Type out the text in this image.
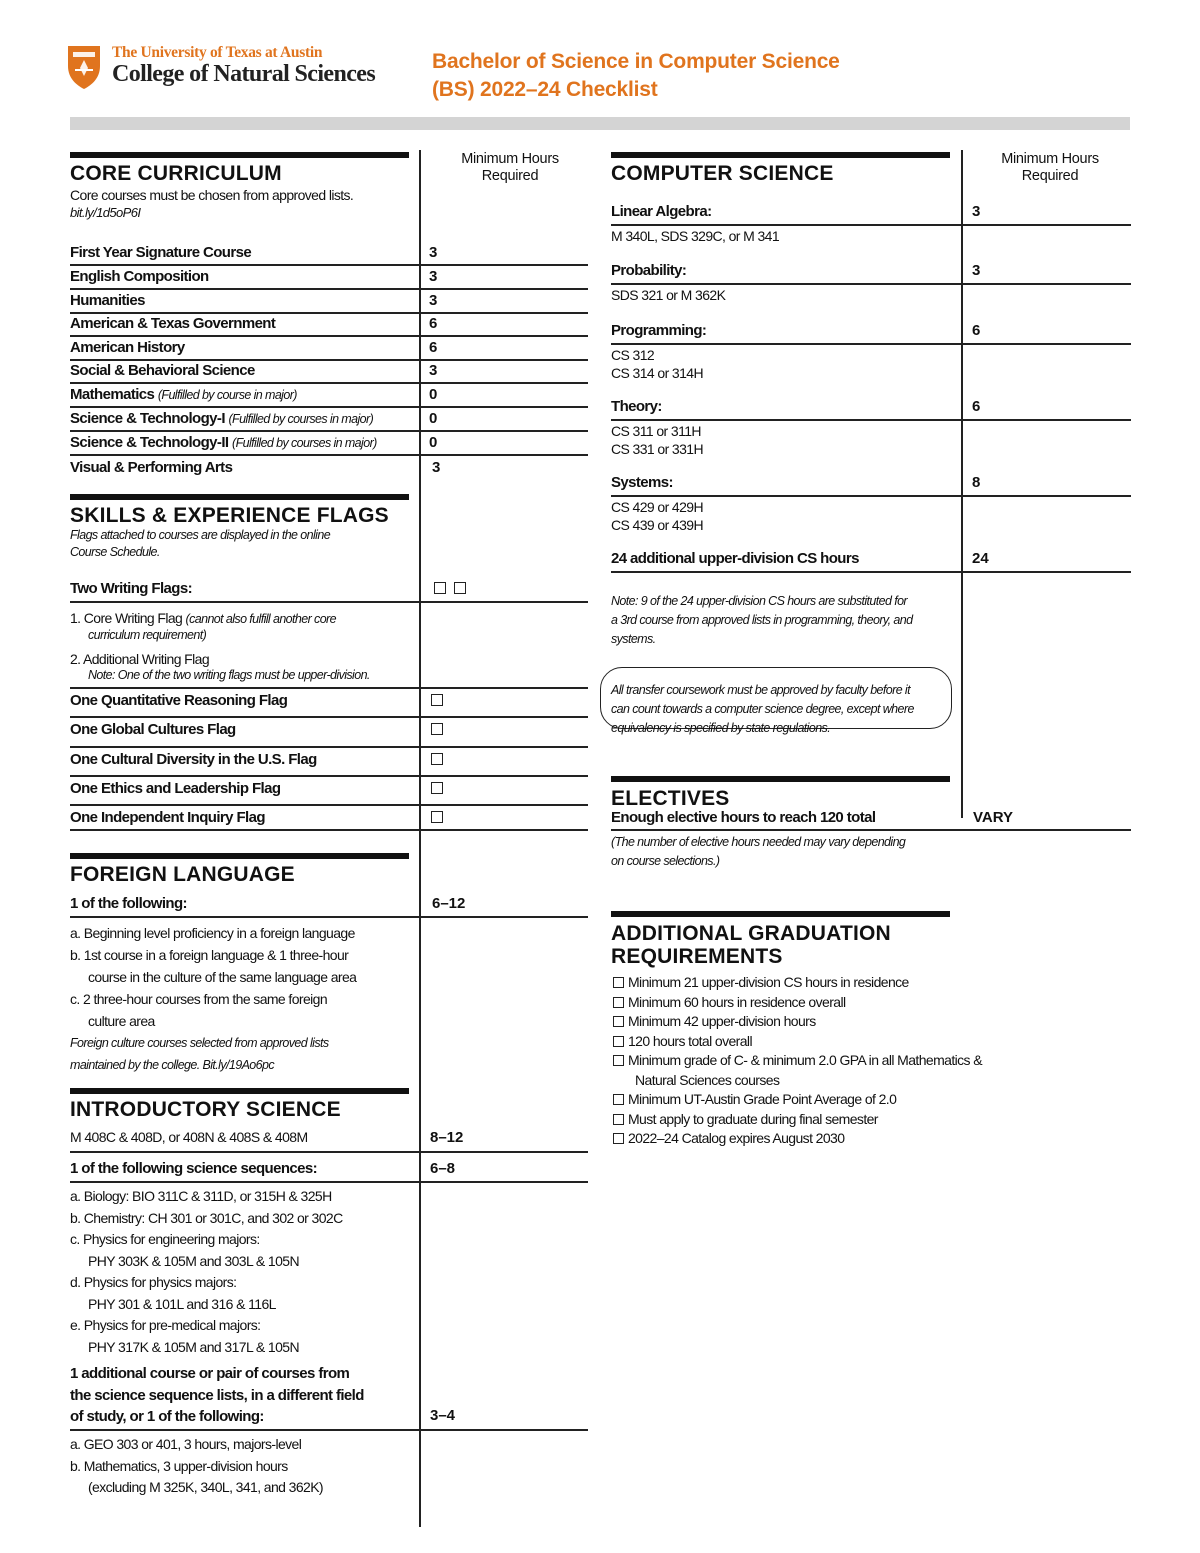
The University of Texas at Austin
College of Natural Sciences	Bachelor of Science in Computer Science
(BS) 2022–24 Checklist
Minimum Hours
Required
CORE CURRICULUM
Core courses must be chosen from approved lists.
bit.ly/1d5oP6I
First Year Signature Course	3
English Composition	3
Humanities	3
American & Texas Government	6
American History	6
Social & Behavioral Science	3
Mathematics (Fulfilled by course in major)	0
Science & Technology-I (Fulfilled by courses in major)	0
Science & Technology-II (Fulfilled by courses in major)	0
Visual & Performing Arts	3
SKILLS & EXPERIENCE FLAGS
Flags attached to courses are displayed in the online
Course Schedule.
Two Writing Flags:

1. Core Writing Flag (cannot also fulfill another core
curriculum requirement)
2. Additional Writing Flag
Note: One of the two writing flags must be upper-division.
One Quantitative Reasoning Flag
One Global Cultures Flag
One Cultural Diversity in the U.S. Flag
One Ethics and Leadership Flag
One Independent Inquiry Flag
FOREIGN LANGUAGE
1 of the following:	6–12
a. Beginning level proficiency in a foreign language
b. 1st course in a foreign language & 1 three-hour
course in the culture of the same language area
c. 2 three-hour courses from the same foreign
culture area
Foreign culture courses selected from approved lists
maintained by the college. Bit.ly/19Ao6pc
INTRODUCTORY SCIENCE
M 408C & 408D, or 408N & 408S & 408M	8–12
1 of the following science sequences:	6–8
a. Biology: BIO 311C & 311D, or 315H & 325H
b. Chemistry: CH 301 or 301C, and 302 or 302C
c. Physics for engineering majors:
PHY 303K & 105M and 303L & 105N
d. Physics for physics majors:
PHY 301 & 101L and 316 & 116L
e. Physics for pre-medical majors:
PHY 317K & 105M and 317L & 105N
1 additional course or pair of courses from
the science sequence lists, in a different field
of study, or 1 of the following:	3–4
a. GEO 303 or 401, 3 hours, majors-level
b. Mathematics, 3 upper-division hours
(excluding M 325K, 340L, 341, and 362K)
Minimum Hours
Required
COMPUTER SCIENCE
Linear Algebra:	3
M 340L, SDS 329C, or M 341
Probability:	3
SDS 321 or M 362K
Programming:	6
CS 312
CS 314 or 314H
Theory:	6
CS 311 or 311H
CS 331 or 331H
Systems:	8
CS 429 or 429H
CS 439 or 439H
24 additional upper-division CS hours	24
Note: 9 of the 24 upper-division CS hours are substituted for
a 3rd course from approved lists in programming, theory, and
systems.
All transfer coursework must be approved by faculty before it
can count towards a computer science degree, except where
equivalency is specified by state regulations.
ELECTIVES
Enough elective hours to reach 120 total	VARY
(The number of elective hours needed may vary depending
on course selections.)
ADDITIONAL GRADUATION
REQUIREMENTS
Minimum 21 upper-division CS hours in residence
Minimum 60 hours in residence overall
Minimum 42 upper-division hours
120 hours total overall
Minimum grade of C- & minimum 2.0 GPA in all Mathematics &
Natural Sciences courses
Minimum UT-Austin Grade Point Average of 2.0
Must apply to graduate during final semester
2022–24 Catalog expires August 2030
